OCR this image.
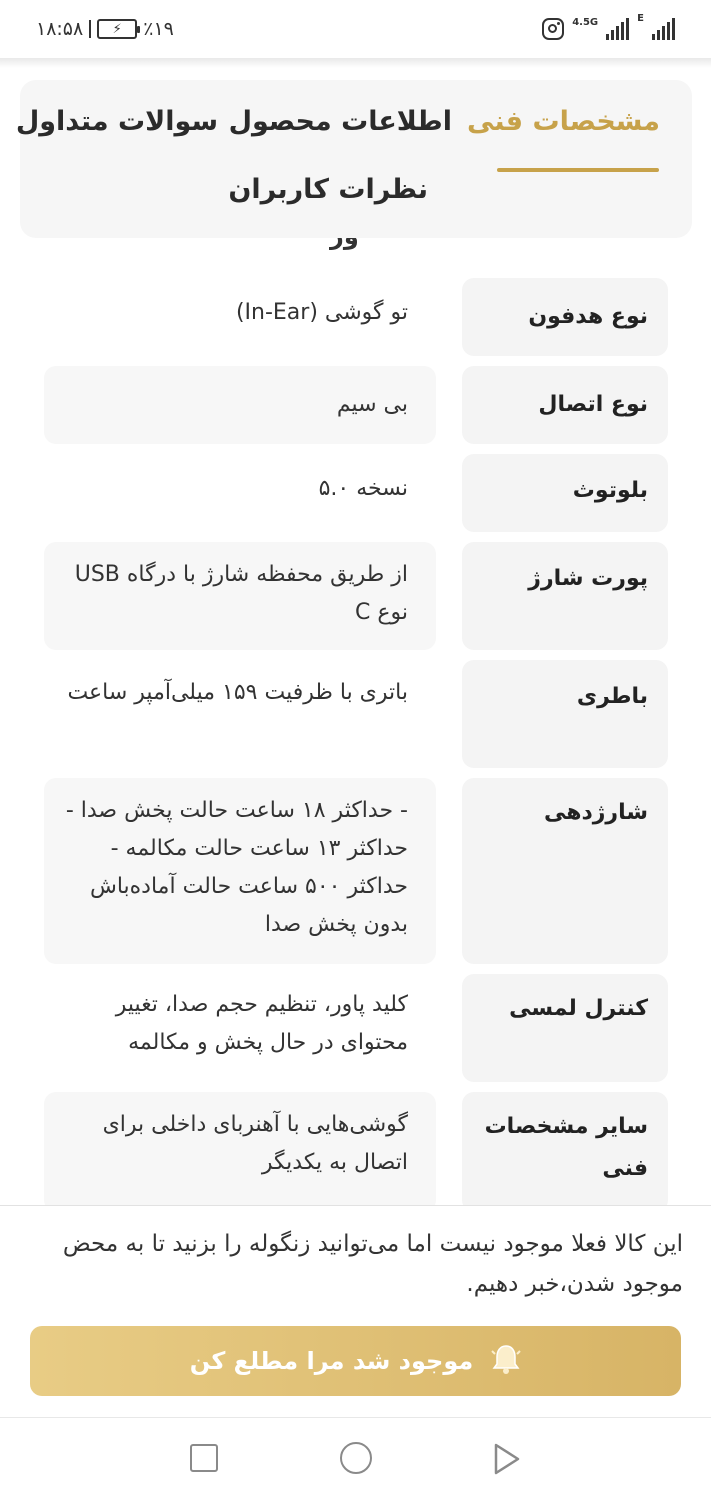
۱۸:۵۸ ⚡ ٪۱۹	4.5G	E
مشخصات فنی
اطلاعات محصول
سوالات متداول
نظرات کاربران
نوع هدفون
تو گوشی (In-Ear)
نوع اتصال
بی سیم
بلوتوث
نسخه ۵.۰
پورت شارژ
از طریق محفظه شارژ با درگاه USB نوع C
باطری
باتری با ظرفیت ۱۵۹ میلی‌آمپر ساعت
شارژدهی
- حداکثر ۱۸ ساعت حالت پخش صدا - حداکثر ۱۳ ساعت حالت مکالمه - حداکثر ۵۰۰ ساعت حالت آماده‌باش بدون پخش صدا
کنترل لمسی
کلید پاور، تنظیم حجم صدا، تغییر محتوای در حال پخش و مکالمه
سایر مشخصات فنی
گوشی‌هایی با آهنربای داخلی برای اتصال به یکدیگر
این کالا فعلا موجود نیست اما می‌توانید زنگوله را بزنید تا به محض موجود شدن،خبر دهیم.
موجود شد مرا مطلع کن
